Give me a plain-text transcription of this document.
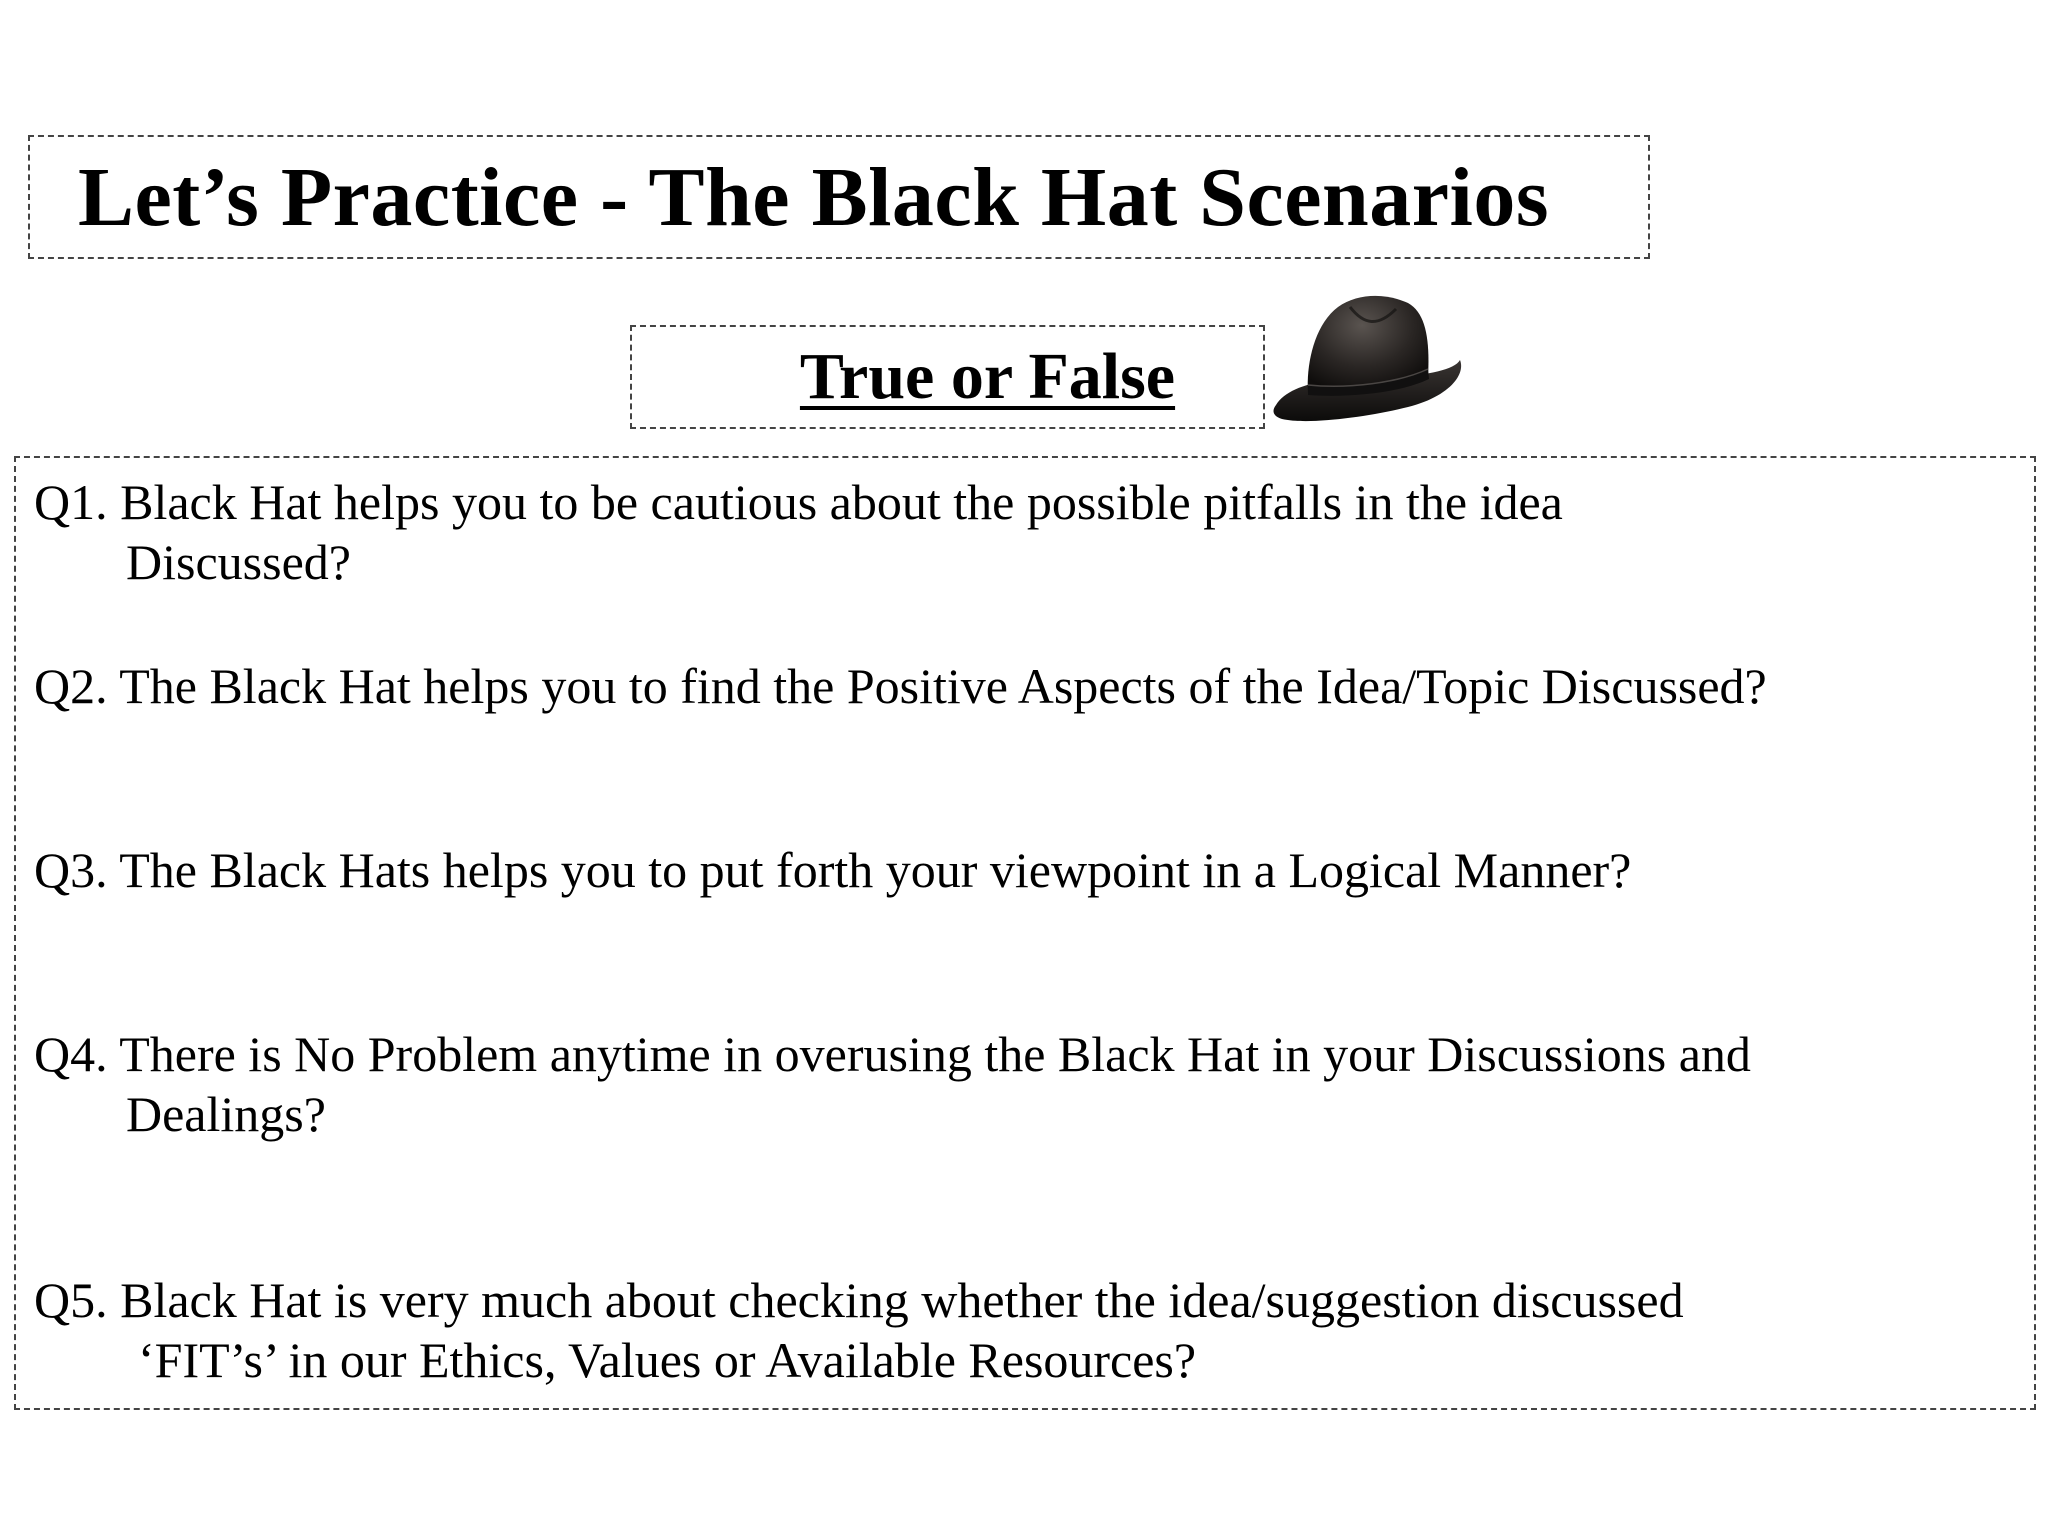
Let’s Practice - The Black Hat Scenarios
True or False
Q1. Black Hat helps you to be cautious about the possible pitfalls in the idea
Discussed?
Q2. The Black Hat helps you to find the Positive Aspects of the Idea/Topic Discussed?
Q3. The Black Hats helps you to put forth your viewpoint in a Logical Manner?
Q4. There is No Problem anytime in overusing the Black Hat in your Discussions and
Dealings?
Q5. Black Hat is very much about checking whether the idea/suggestion discussed
‘FIT’s’ in our Ethics, Values or Available Resources?
